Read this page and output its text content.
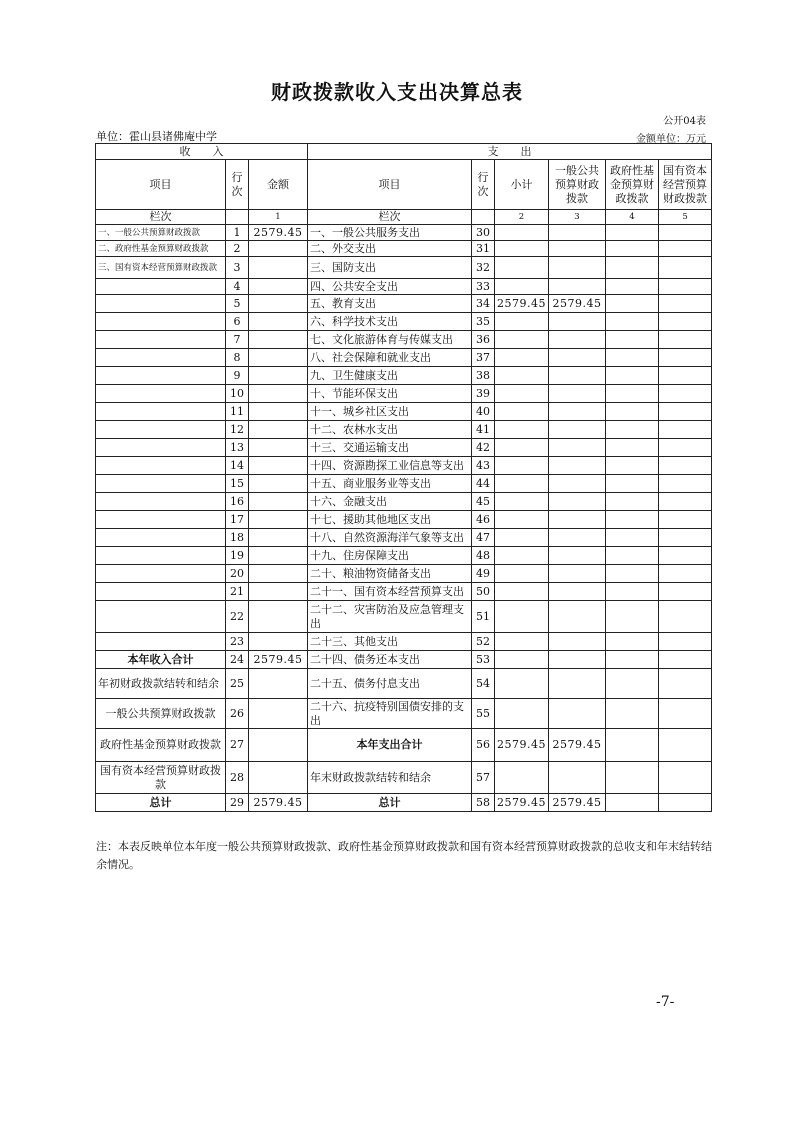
财政拨款收入支出决算总表
公开04表
单位：霍山县诸佛庵中学	金额单位：万元
收　　入			支　　出					
项目	行次	金额	项目	行次	小计	一般公共预算财政拨款	政府性基金预算财政拨款	国有资本经营预算财政拨款
栏次		1	栏次		2	3	4	5
一、一般公共预算财政拨款	1	2579.45	一、一般公共服务支出	30				
二、政府性基金预算财政拨款	2		二、外交支出	31				
三、国有资本经营预算财政拨款	3		三、国防支出	32				
	4		四、公共安全支出	33				
	5		五、教育支出	34	2579.45	2579.45		
	6		六、科学技术支出	35				
	7		七、文化旅游体育与传媒支出	36				
	8		八、社会保障和就业支出	37				
	9		九、卫生健康支出	38				
	10		十、节能环保支出	39				
	11		十一、城乡社区支出	40				
	12		十二、农林水支出	41				
	13		十三、交通运输支出	42				
	14		十四、资源勘探工业信息等支出	43				
	15		十五、商业服务业等支出	44				
	16		十六、金融支出	45				
	17		十七、援助其他地区支出	46				
	18		十八、自然资源海洋气象等支出	47				
	19		十九、住房保障支出	48				
	20		二十、粮油物资储备支出	49				
	21		二十一、国有资本经营预算支出	50				
	22		二十二、灾害防治及应急管理支出	51				
	23		二十三、其他支出	52				
本年收入合计	24	2579.45	二十四、债务还本支出	53				
年初财政拨款结转和结余	25		二十五、债务付息支出	54				
一般公共预算财政拨款	26		二十六、抗疫特别国债安排的支出	55				
政府性基金预算财政拨款	27		本年支出合计	56	2579.45	2579.45		
国有资本经营预算财政拨款	28		年末财政拨款结转和结余	57				
总计	29	2579.45	总计	58	2579.45	2579.45		
注：本表反映单位本年度一般公共预算财政拨款、政府性基金预算财政拨款和国有资本经营预算财政拨款的总收支和年末结转结余情况。
-7-
